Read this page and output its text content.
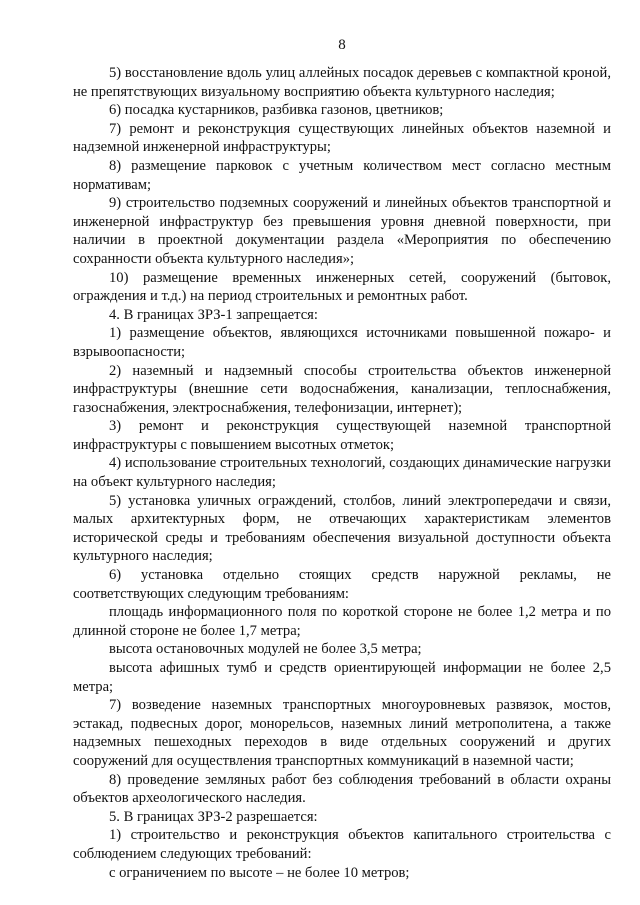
8

5) восстановление вдоль улиц аллейных посадок деревьев с компактной кроной, не препятствующих визуальному восприятию объекта культурного наследия;

6) посадка кустарников, разбивка газонов, цветников;

7) ремонт и реконструкция существующих линейных объектов наземной и надземной инженерной инфраструктуры;

8) размещение парковок с учетным количеством мест согласно местным нормативам;

9) строительство подземных сооружений и линейных объектов транспортной и инженерной инфраструктур без превышения уровня дневной поверхности, при наличии в проектной документации раздела «Мероприятия по обеспечению сохранности объекта культурного наследия»;

10) размещение временных инженерных сетей, сооружений (бытовок, ограждения и т.д.) на период строительных и ремонтных работ.

4. В границах ЗРЗ-1 запрещается:

1) размещение объектов, являющихся источниками повышенной пожаро- и взрывоопасности;

2) наземный и надземный способы строительства объектов инженерной инфраструктуры (внешние сети водоснабжения, канализации, теплоснабжения, газоснабжения, электроснабжения, телефонизации, интернет);

3) ремонт и реконструкция существующей наземной транспортной инфраструктуры с повышением высотных отметок;

4) использование строительных технологий, создающих динамические нагрузки на объект культурного наследия;

5) установка уличных ограждений, столбов, линий электропередачи и связи, малых архитектурных форм, не отвечающих характеристикам элементов исторической среды и требованиям обеспечения визуальной доступности объекта культурного наследия;

6) установка отдельно стоящих средств наружной рекламы, не соответствующих следующим требованиям:

площадь информационного поля по короткой стороне не более 1,2 метра и по длинной стороне не более 1,7 метра;

высота остановочных модулей не более 3,5 метра;

высота афишных тумб и средств ориентирующей информации не более 2,5 метра;

7) возведение наземных транспортных многоуровневых развязок, мостов, эстакад, подвесных дорог, монорельсов, наземных линий метрополитена, а также надземных пешеходных переходов в виде отдельных сооружений и других сооружений для осуществления транспортных коммуникаций в наземной части;

8) проведение земляных работ без соблюдения требований в области охраны объектов археологического наследия.

5. В границах ЗРЗ-2 разрешается:

1) строительство и реконструкция объектов капитального строительства с соблюдением следующих требований:

с ограничением по высоте – не более 10 метров;
